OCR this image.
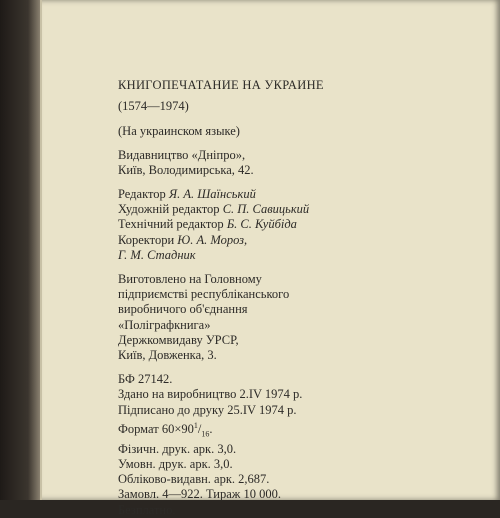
КНИГОПЕЧАТАНИЕ НА УКРАИНЕ
(1574—1974)
(На украинском языке)
Видавництво «Дніпро»,
Київ, Володимирська, 42.
Редактор Я. А. Шаїнський
Художній редактор С. П. Савицький
Технічний редактор Б. С. Куйбіда
Коректори Ю. А. Мороз,
Г. М. Стадник
Виготовлено на Головному
підприємстві республіканського
виробничого об'єднання
«Поліграфкнига»
Держкомвидаву УРСР,
Київ, Довженка, 3.
БФ 27142.
Здано на виробництво 2.IV 1974 р.
Підписано до друку 25.IV 1974 р.
Формат $60\times 90^1/_{16}$.
Фізичн. друк. арк. 3,0.
Умовн. друк. арк. 3,0.
Обліково-видавн. арк. 2,687.
Замовл. 4—922. Тираж 10 000.
Безплатно.
